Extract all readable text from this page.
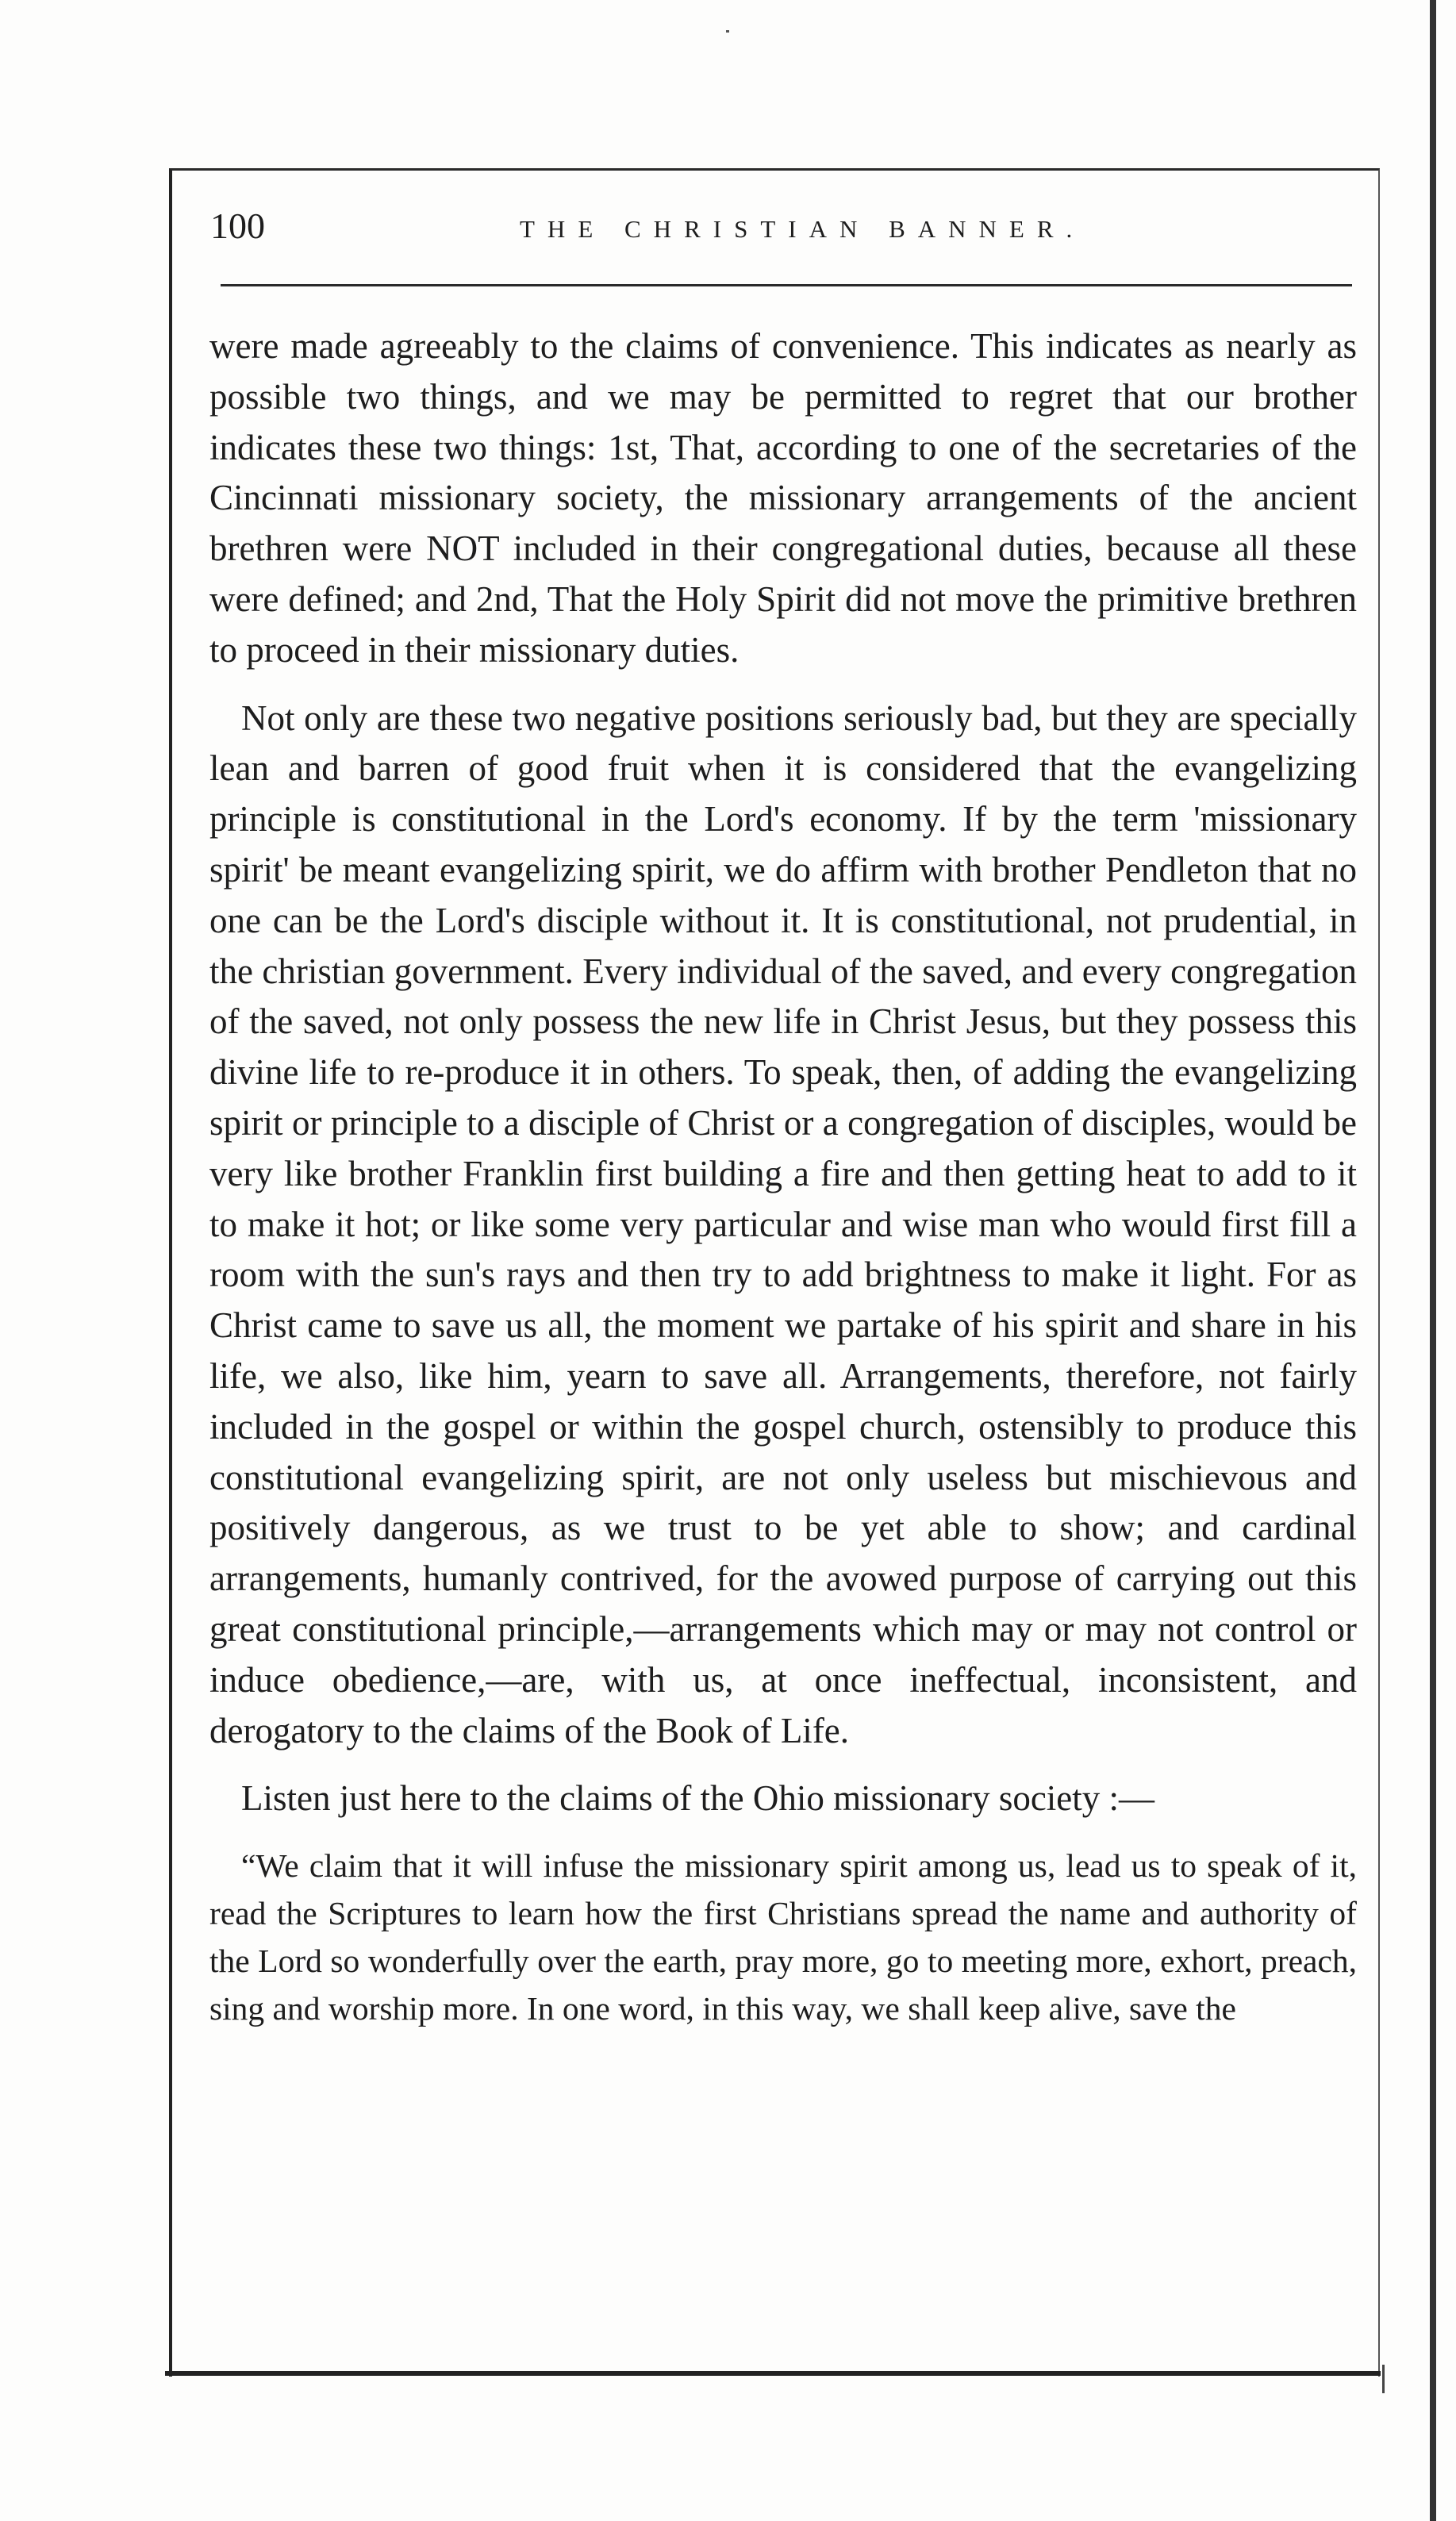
100	THE CHRISTIAN BANNER.

were made agreeably to the claims of convenience. This indicates as nearly as possible two things, and we may be permitted to regret that our brother indicates these two things: 1st, That, according to one of the secretaries of the Cincinnati missionary society, the missionary arrangements of the ancient brethren were NOT included in their congregational duties, because all these were defined; and 2nd, That the Holy Spirit did not move the primitive brethren to proceed in their missionary duties.

Not only are these two negative positions seriously bad, but they are specially lean and barren of good fruit when it is considered that the evangelizing principle is constitutional in the Lord's economy. If by the term 'missionary spirit' be meant evangelizing spirit, we do affirm with brother Pendleton that no one can be the Lord's disciple without it. It is constitutional, not prudential, in the christian government. Every individual of the saved, and every congregation of the saved, not only possess the new life in Christ Jesus, but they possess this divine life to re-produce it in others. To speak, then, of adding the evangelizing spirit or principle to a disciple of Christ or a congregation of disciples, would be very like brother Franklin first building a fire and then getting heat to add to it to make it hot; or like some very particular and wise man who would first fill a room with the sun's rays and then try to add brightness to make it light. For as Christ came to save us all, the moment we partake of his spirit and share in his life, we also, like him, yearn to save all. Arrangements, therefore, not fairly included in the gospel or within the gospel church, ostensibly to produce this constitutional evangelizing spirit, are not only useless but mischievous and positively dangerous, as we trust to be yet able to show; and cardinal arrangements, humanly contrived, for the avowed purpose of carrying out this great constitutional principle,—arrangements which may or may not control or induce obedience,—are, with us, at once ineffectual, inconsistent, and derogatory to the claims of the Book of Life.

Listen just here to the claims of the Ohio missionary society :—

“We claim that it will infuse the missionary spirit among us, lead us to speak of it, read the Scriptures to learn how the first Christians spread the name and authority of the Lord so wonderfully over the earth, pray more, go to meeting more, exhort, preach, sing and worship more. In one word, in this way, we shall keep alive, save the
